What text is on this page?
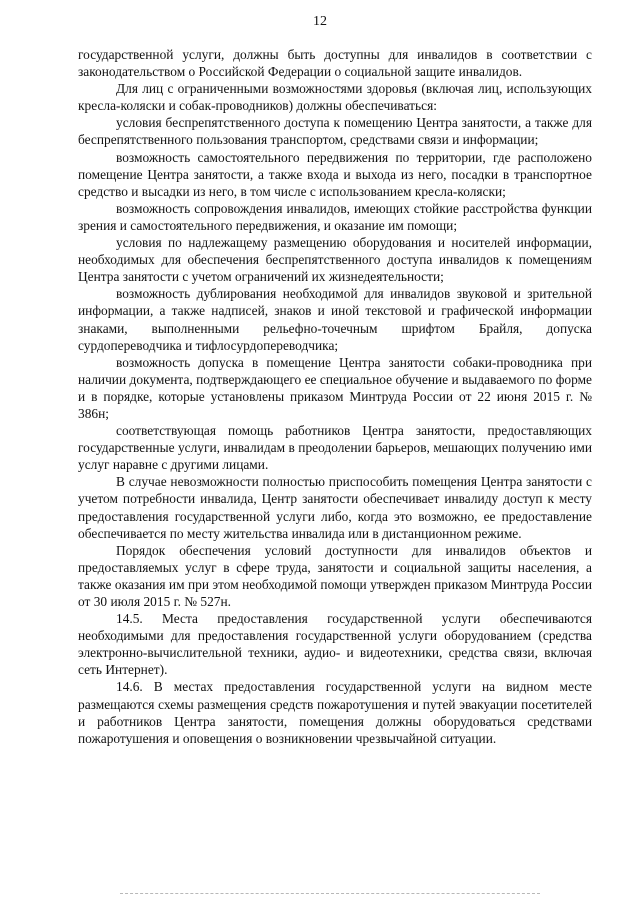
12

государственной услуги, должны быть доступны для инвалидов в соответствии с законодательством о Российской Федерации о социальной защите инвалидов.

Для лиц с ограниченными возможностями здоровья (включая лиц, использующих кресла-коляски и собак-проводников) должны обеспечиваться:

условия беспрепятственного доступа к помещению Центра занятости, а также для беспрепятственного пользования транспортом, средствами связи и информации;

возможность самостоятельного передвижения по территории, где расположено помещение Центра занятости, а также входа и выхода из него, посадки в транспортное средство и высадки из него, в том числе с использованием кресла-коляски;

возможность сопровождения инвалидов, имеющих стойкие расстройства функции зрения и самостоятельного передвижения, и оказание им помощи;

условия по надлежащему размещению оборудования и носителей информации, необходимых для обеспечения беспрепятственного доступа инвалидов к помещениям Центра занятости с учетом ограничений их жизнедеятельности;

возможность дублирования необходимой для инвалидов звуковой и зрительной информации, а также надписей, знаков и иной текстовой и графической информации знаками, выполненными рельефно-точечным шрифтом Брайля, допуска сурдопереводчика и тифлосурдопереводчика;

возможность допуска в помещение Центра занятости собаки-проводника при наличии документа, подтверждающего ее специальное обучение и выдаваемого по форме и в порядке, которые установлены приказом Минтруда России от 22 июня 2015 г. № 386н;

соответствующая помощь работников Центра занятости, предоставляющих государственные услуги, инвалидам в преодолении барьеров, мешающих получению ими услуг наравне с другими лицами.

В случае невозможности полностью приспособить помещения Центра занятости с учетом потребности инвалида, Центр занятости обеспечивает инвалиду доступ к месту предоставления государственной услуги либо, когда это возможно, ее предоставление обеспечивается по месту жительства инвалида или в дистанционном режиме.

Порядок обеспечения условий доступности для инвалидов объектов и предоставляемых услуг в сфере труда, занятости и социальной защиты населения, а также оказания им при этом необходимой помощи утвержден приказом Минтруда России от 30 июля 2015 г. № 527н.

14.5. Места предоставления государственной услуги обеспечиваются необходимыми для предоставления государственной услуги оборудованием (средства электронно-вычислительной техники, аудио- и видеотехники, средства связи, включая сеть Интернет).

14.6. В местах предоставления государственной услуги на видном месте размещаются схемы размещения средств пожаротушения и путей эвакуации посетителей и работников Центра занятости, помещения должны оборудоваться средствами пожаротушения и оповещения о возникновении чрезвычайной ситуации.
